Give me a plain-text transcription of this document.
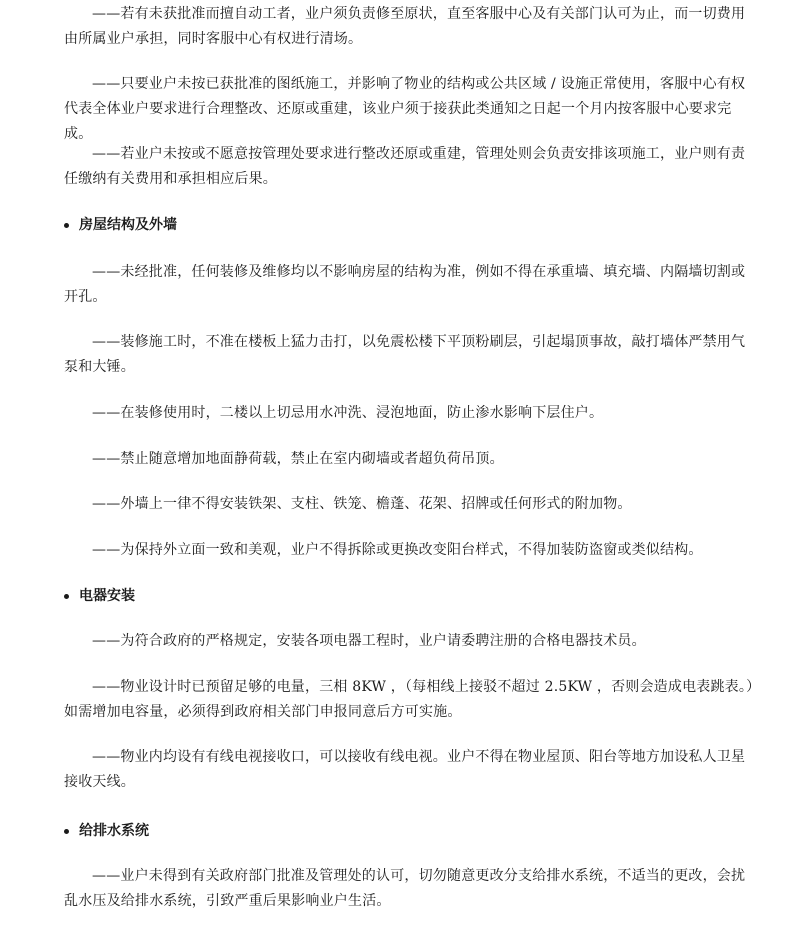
——若有未获批准而擅自动工者，业户须负责修至原状，直至客服中心及有关部门认可为止，而一切费用由所属业户承担，同时客服中心有权进行清场。
——只要业户未按已获批准的图纸施工，并影响了物业的结构或公共区域 / 设施正常使用，客服中心有权代表全体业户要求进行合理整改、还原或重建，该业户须于接获此类通知之日起一个月内按客服中心要求完成。
——若业户未按或不愿意按管理处要求进行整改还原或重建，管理处则会负责安排该项施工，业户则有责任缴纳有关费用和承担相应后果。
房屋结构及外墙
——未经批准，任何装修及维修均以不影响房屋的结构为准，例如不得在承重墙、填充墙、内隔墙切割或开孔。
——装修施工时，不准在楼板上猛力击打，以免震松楼下平顶粉刷层，引起塌顶事故，敲打墙体严禁用气泵和大锤。
——在装修使用时，二楼以上切忌用水冲洗、浸泡地面，防止渗水影响下层住户。
——禁止随意增加地面静荷载，禁止在室内砌墙或者超负荷吊顶。
——外墙上一律不得安装铁架、支柱、铁笼、檐蓬、花架、招牌或任何形式的附加物。
——为保持外立面一致和美观，业户不得拆除或更换改变阳台样式，不得加装防盗窗或类似结构。
电器安装
——为符合政府的严格规定，安装各项电器工程时，业户请委聘注册的合格电器技术员。
——物业设计时已预留足够的电量，三相 8KW ，（每相线上接驳不超过 2.5KW ，否则会造成电表跳表。）如需增加电容量，必须得到政府相关部门申报同意后方可实施。
——物业内均设有有线电视接收口，可以接收有线电视。业户不得在物业屋顶、阳台等地方加设私人卫星接收天线。
给排水系统
——业户未得到有关政府部门批准及管理处的认可，切勿随意更改分支给排水系统，不适当的更改，会扰乱水压及给排水系统，引致严重后果影响业户生活。
